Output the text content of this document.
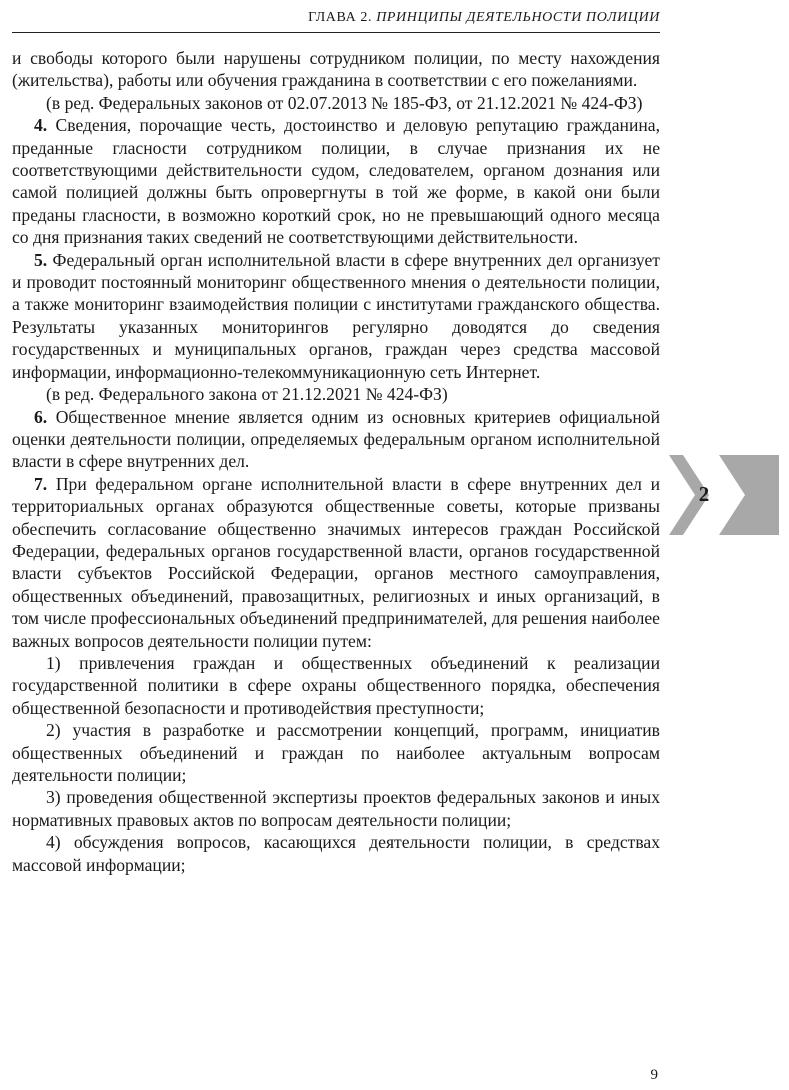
ГЛАВА 2. ПРИНЦИПЫ ДЕЯТЕЛЬНОСТИ ПОЛИЦИИ

и свободы которого были нарушены сотрудником полиции, по месту нахождения (жительства), работы или обучения гражданина в соответствии с его пожеланиями.

(в ред. Федеральных законов от 02.07.2013 № 185-ФЗ, от 21.12.2021 № 424-ФЗ)

4. Сведения, порочащие честь, достоинство и деловую репутацию гражданина, преданные гласности сотрудником полиции, в случае признания их не соответствующими действительности судом, следователем, органом дознания или самой полицией должны быть опровергнуты в той же форме, в какой они были преданы гласности, в возможно короткий срок, но не превышающий одного месяца со дня признания таких сведений не соответствующими действительности.

5. Федеральный орган исполнительной власти в сфере внутренних дел организует и проводит постоянный мониторинг общественного мнения о деятельности полиции, а также мониторинг взаимодействия полиции с институтами гражданского общества. Результаты указанных мониторингов регулярно доводятся до сведения государственных и муниципальных органов, граждан через средства массовой информации, информационно-телекоммуникационную сеть Интернет.

(в ред. Федерального закона от 21.12.2021 № 424-ФЗ)

6. Общественное мнение является одним из основных критериев официальной оценки деятельности полиции, определяемых федеральным органом исполнительной власти в сфере внутренних дел.

7. При федеральном органе исполнительной власти в сфере внутренних дел и территориальных органах образуются общественные советы, которые призваны обеспечить согласование общественно значимых интересов граждан Российской Федерации, федеральных органов государственной власти, органов государственной власти субъектов Российской Федерации, органов местного самоуправления, общественных объединений, правозащитных, религиозных и иных организаций, в том числе профессиональных объединений предпринимателей, для решения наиболее важных вопросов деятельности полиции путем:

1) привлечения граждан и общественных объединений к реализации государственной политики в сфере охраны общественного порядка, обеспечения общественной безопасности и противодействия преступности;

2) участия в разработке и рассмотрении концепций, программ, инициатив общественных объединений и граждан по наиболее актуальным вопросам деятельности полиции;

3) проведения общественной экспертизы проектов федеральных законов и иных нормативных правовых актов по вопросам деятельности полиции;

4) обсуждения вопросов, касающихся деятельности полиции, в средствах массовой информации;

2
9
